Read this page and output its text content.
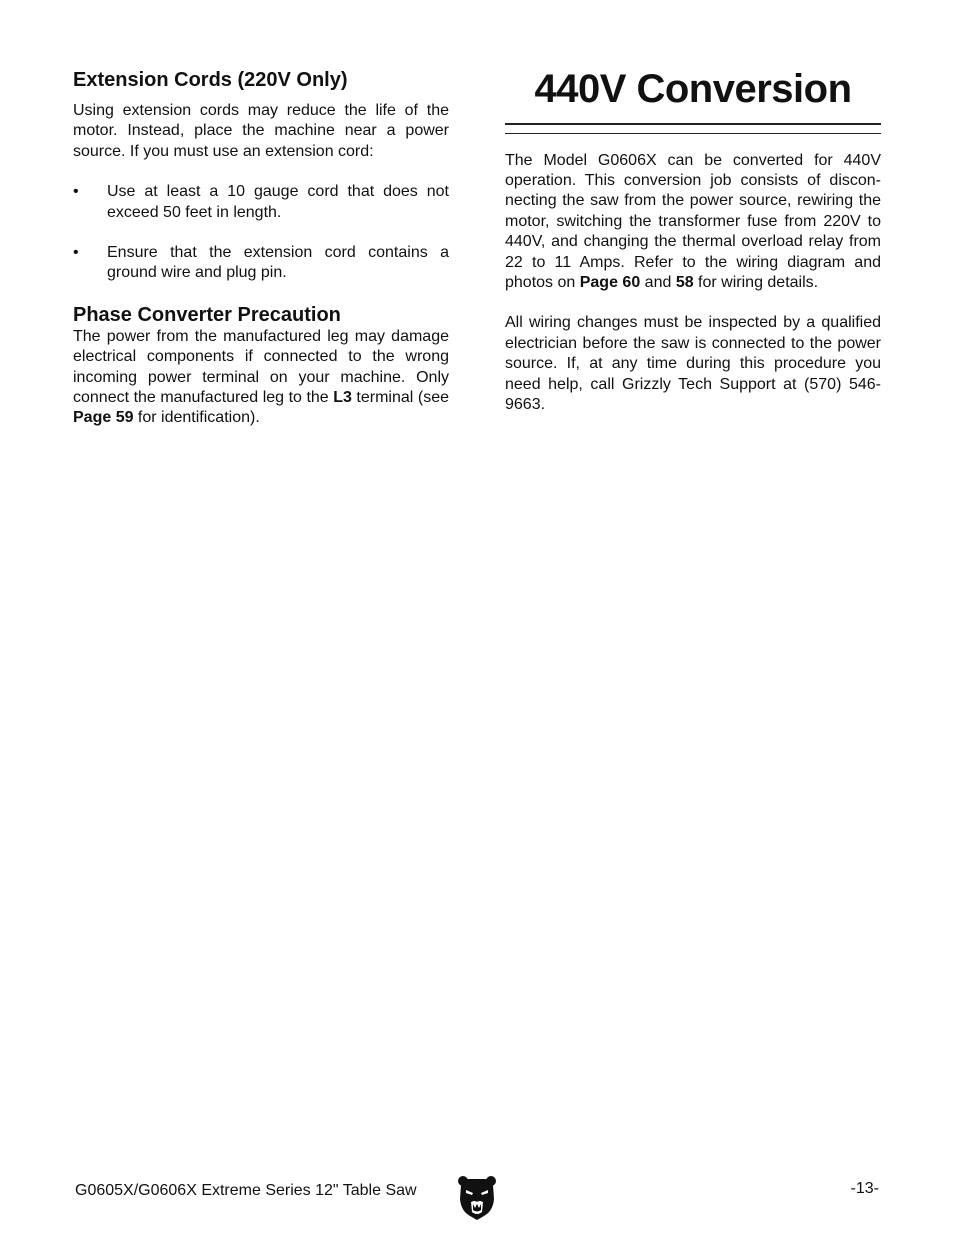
Extension Cords (220V Only)

Using extension cords may reduce the life of the motor. Instead, place the machine near a power source. If you must use an extension cord:

• Use at least a 10 gauge cord that does not exceed 50 feet in length.
• Ensure that the extension cord contains a ground wire and plug pin.
Phase Converter Precaution

The power from the manufactured leg may damage electrical components if connected to the wrong incoming power terminal on your machine. Only connect the manufactured leg to the L3 terminal (see Page 59 for identification).

440V Conversion

The Model G0606X can be converted for 440V operation. This conversion job consists of disconnecting the saw from the power source, rewiring the motor, switching the transformer fuse from 220V to 440V, and changing the thermal overload relay from 22 to 11 Amps. Refer to the wiring diagram and photos on Page 60 and 58 for wiring details.

All wiring changes must be inspected by a qualified electrician before the saw is connected to the power source. If, at any time during this procedure you need help, call Grizzly Tech Support at (570) 546-9663.

G0605X/G0606X Extreme Series 12" Table Saw	-13-
